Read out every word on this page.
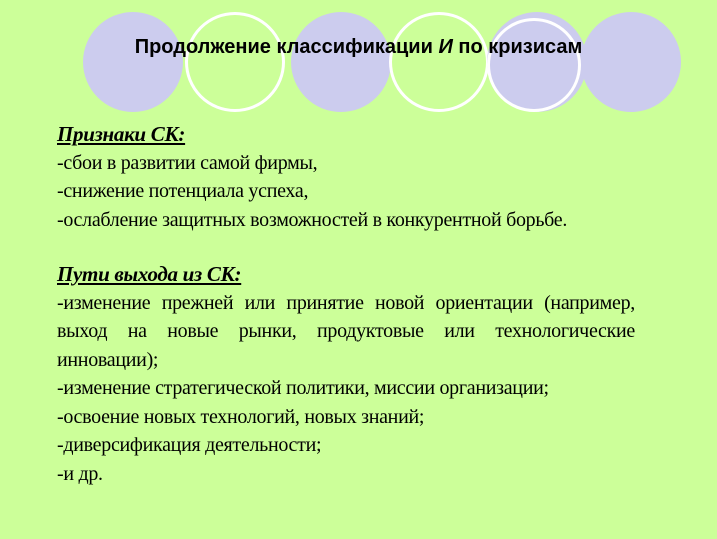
Продолжение классификации И по кризисам
Признаки СК:
-сбои в развитии самой фирмы,
-снижение потенциала успеха,
-ослабление защитных возможностей в конкурентной борьбе.
Пути выхода из СК:
-изменение прежней или принятие новой ориентации (например, выход на новые рынки, продуктовые или технологические инновации);
-изменение стратегической политики, миссии организации;
-освоение новых технологий, новых знаний;
-диверсификация деятельности;
-и др.
